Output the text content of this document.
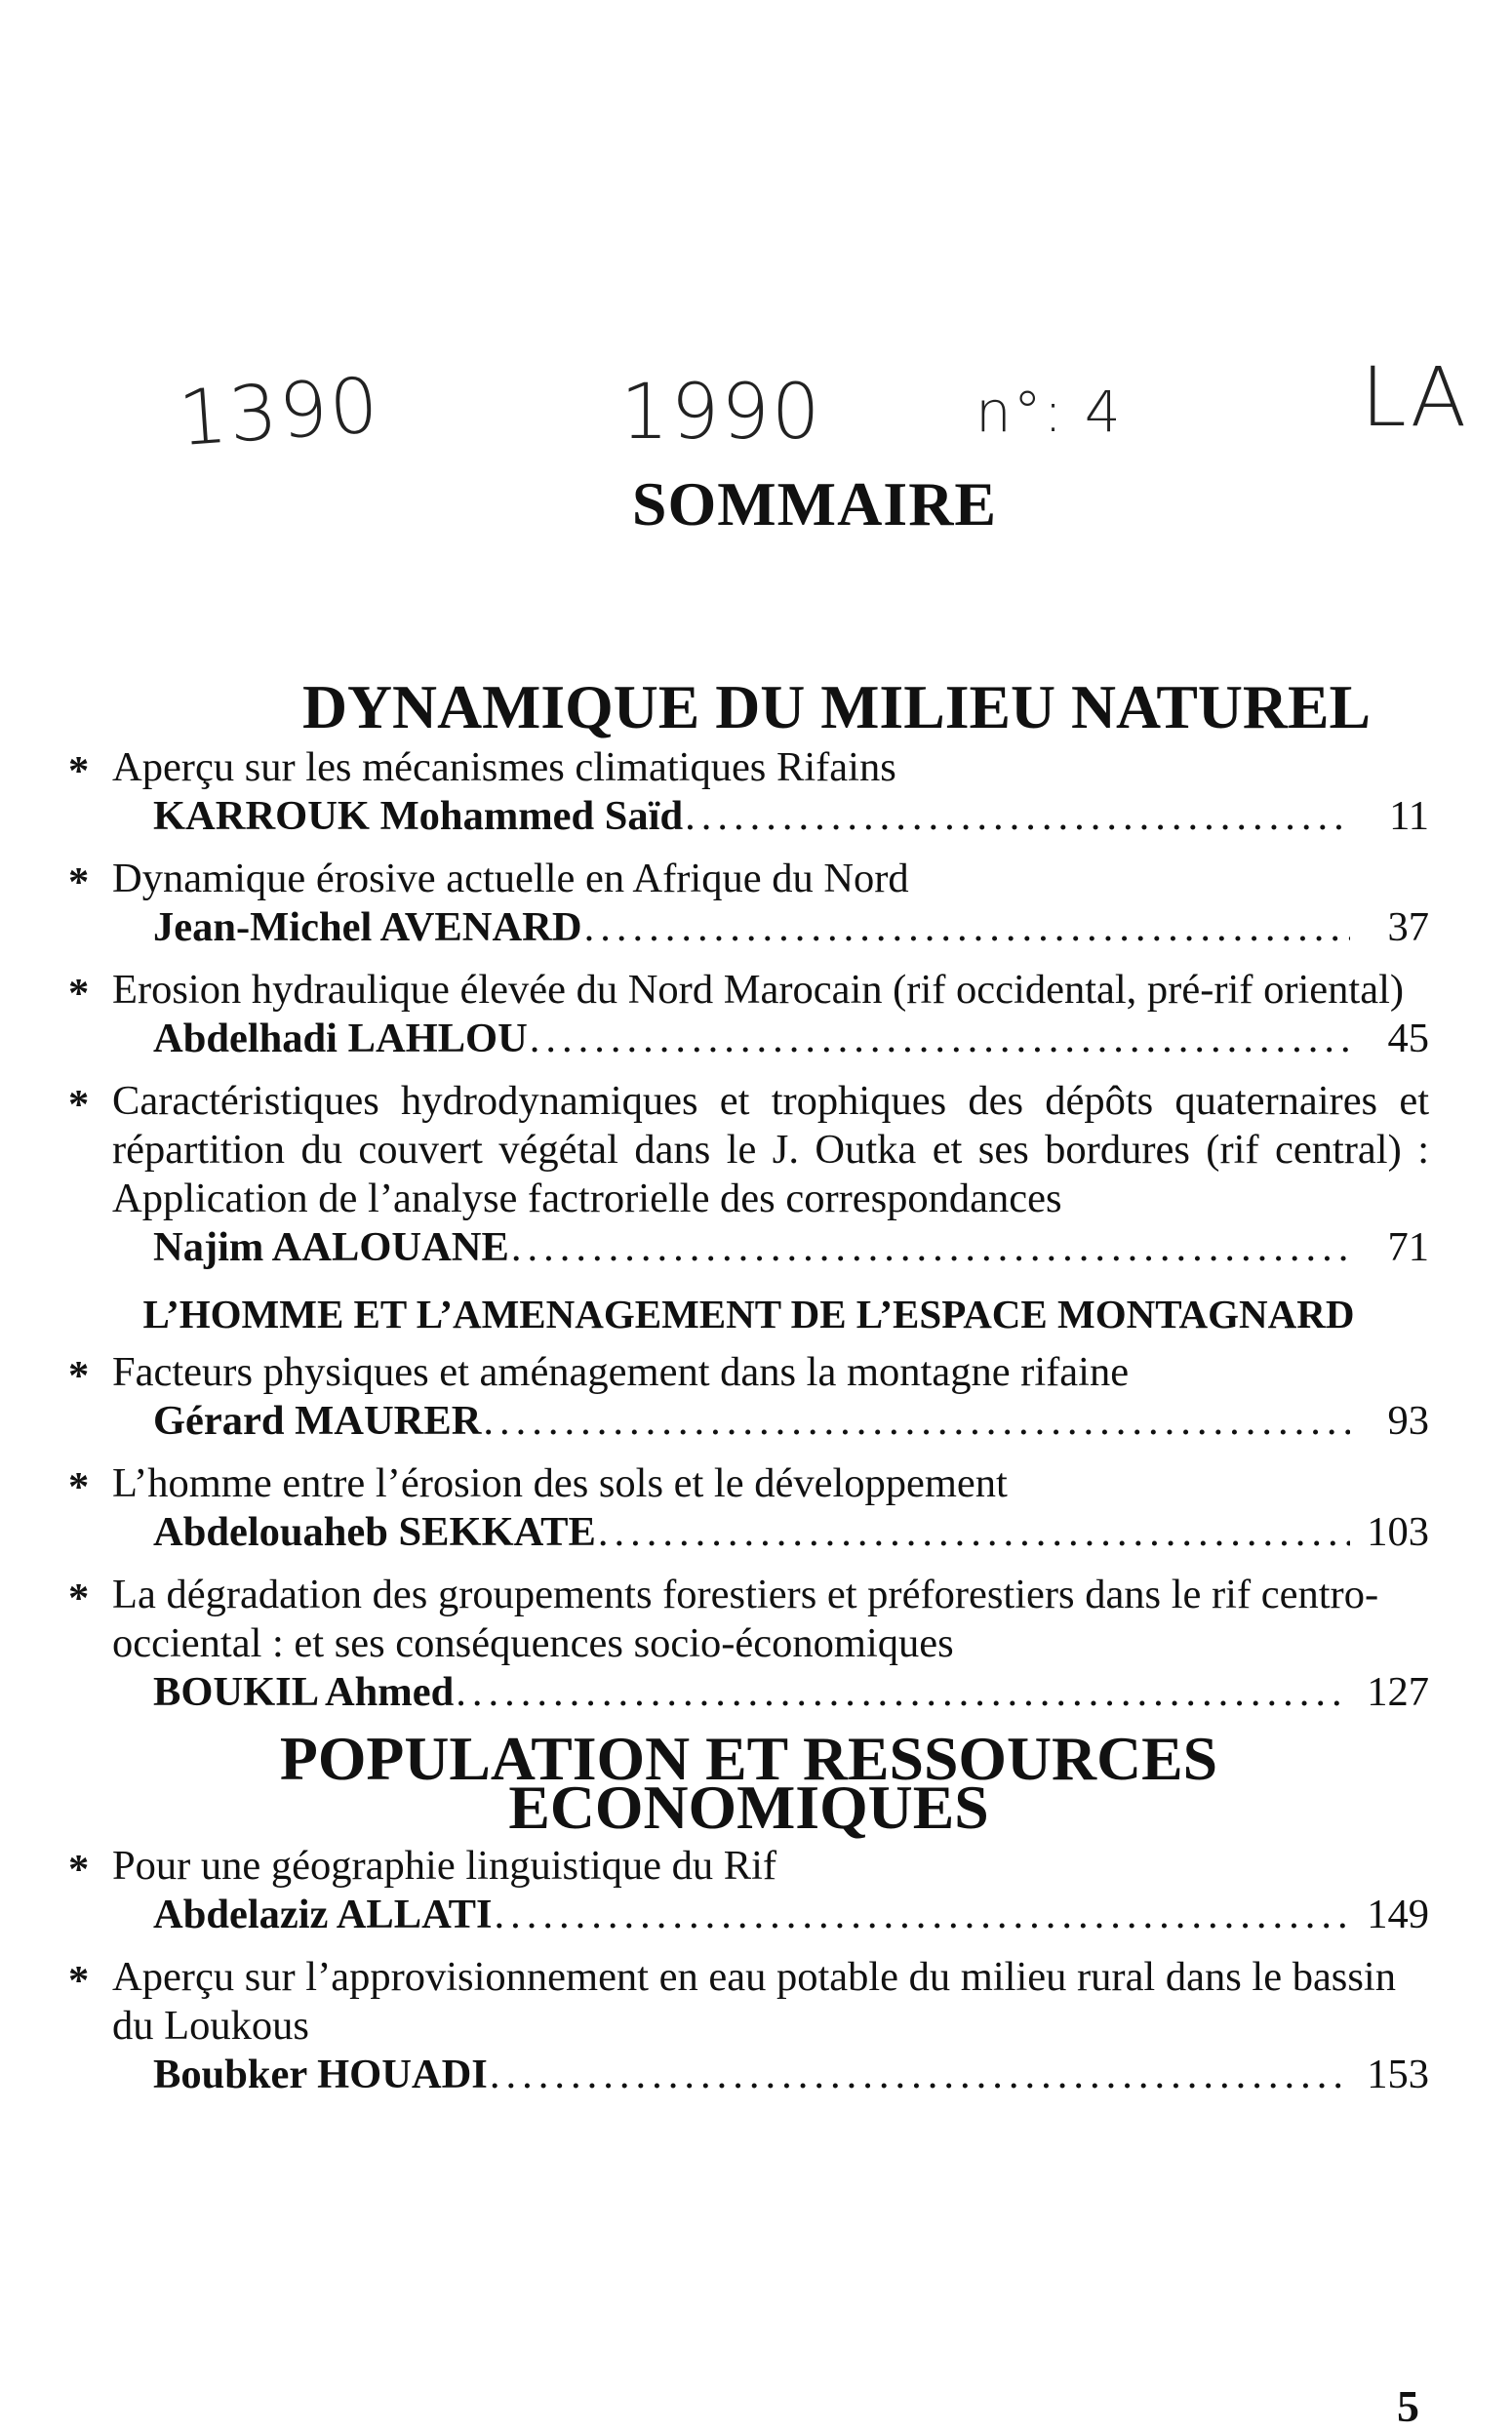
1390	1990	n°: 4	LA
SOMMAIRE
DYNAMIQUE DU MILIEU NATUREL
* Aperçu sur les mécanismes climatiques Rifains
KARROUK Mohammed Saïd .....	11
* Dynamique érosive actuelle en Afrique du Nord
Jean-Michel AVENARD .....	37
* Erosion hydraulique élevée du Nord Marocain (rif occidental, pré-rif oriental)
Abdelhadi LAHLOU .....	45
* Caractéristiques hydrodynamiques et trophiques des dépôts quaternaires et répartition du couvert végétal dans le J. Outka et ses bordures (rif central) : Application de l’analyse factrorielle des correspondances
Najim AALOUANE .....	71
L’HOMME ET L’AMENAGEMENT DE L’ESPACE MONTAGNARD
* Facteurs physiques et aménagement dans la montagne rifaine
Gérard MAURER .....	93
* L’homme entre l’érosion des sols et le développement
Abdelouaheb SEKKATE .....	103
* La dégradation des groupements forestiers et préforestiers dans le rif centro-occiental : et ses conséquences socio-économiques
BOUKIL Ahmed .....	127
POPULATION ET RESSOURCES ECONOMIQUES
* Pour une géographie linguistique du Rif
Abdelaziz ALLATI .....	149
* Aperçu sur l’approvisionnement en eau potable du milieu rural dans le bassin du Loukous
Boubker HOUADI .....	153
5
